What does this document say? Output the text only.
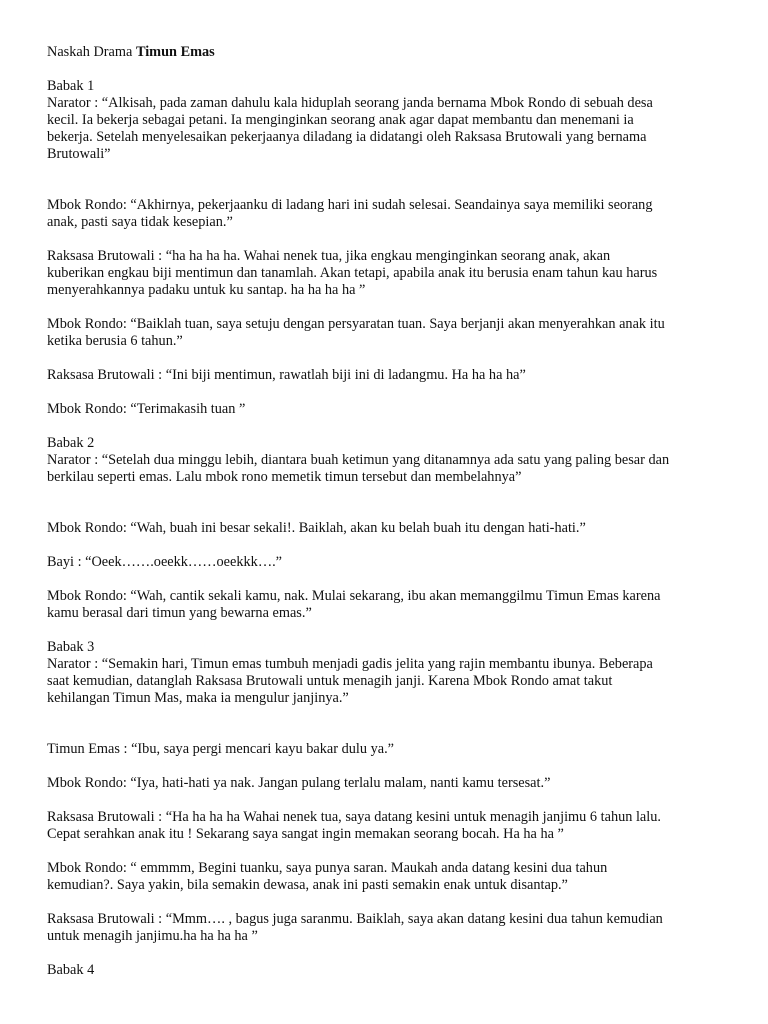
Naskah Drama Timun Emas

Babak 1
Narator : “Alkisah, pada zaman dahulu kala hiduplah seorang janda bernama Mbok Rondo di sebuah desa
kecil. Ia bekerja sebagai petani. Ia menginginkan seorang anak agar dapat membantu dan menemani ia
bekerja. Setelah menyelesaikan pekerjaanya diladang ia didatangi oleh Raksasa Brutowali yang bernama
Brutowali”
Mbok Rondo: “Akhirnya, pekerjaanku di ladang hari ini sudah selesai. Seandainya saya memiliki seorang
anak, pasti saya tidak kesepian.”
Raksasa Brutowali : “ha ha ha ha. Wahai nenek tua, jika engkau menginginkan seorang anak, akan
kuberikan engkau biji mentimun dan tanamlah. Akan tetapi, apabila anak itu berusia enam tahun kau harus
menyerahkannya padaku untuk ku santap. ha ha ha ha ”
Mbok Rondo: “Baiklah tuan, saya setuju dengan persyaratan tuan. Saya berjanji akan menyerahkan anak itu
ketika berusia 6 tahun.”
Raksasa Brutowali : “Ini biji mentimun, rawatlah biji ini di ladangmu. Ha ha ha ha”
Mbok Rondo: “Terimakasih tuan ”
Babak 2
Narator : “Setelah dua minggu lebih, diantara buah ketimun yang ditanamnya ada satu yang paling besar dan
berkilau seperti emas. Lalu mbok rono memetik timun tersebut dan membelahnya”
Mbok Rondo: “Wah, buah ini besar sekali!. Baiklah, akan ku belah buah itu dengan hati-hati.”
Bayi : “Oeek…….oeekk……oeekkk….”
Mbok Rondo: “Wah, cantik sekali kamu, nak. Mulai sekarang, ibu akan memanggilmu Timun Emas karena
kamu berasal dari timun yang bewarna emas.”
Babak 3
Narator : “Semakin hari, Timun emas tumbuh menjadi gadis jelita yang rajin membantu ibunya. Beberapa
saat kemudian, datanglah Raksasa Brutowali untuk menagih janji. Karena Mbok Rondo amat takut
kehilangan Timun Mas, maka ia mengulur janjinya.”
Timun Emas : “Ibu, saya pergi mencari kayu bakar dulu ya.”
Mbok Rondo: “Iya, hati-hati ya nak. Jangan pulang terlalu malam, nanti kamu tersesat.”
Raksasa Brutowali : “Ha ha ha ha Wahai nenek tua, saya datang kesini untuk menagih janjimu 6 tahun lalu.
Cepat serahkan anak itu ! Sekarang saya sangat ingin memakan seorang bocah. Ha ha ha ”
Mbok Rondo: “ emmmm, Begini tuanku, saya punya saran. Maukah anda datang kesini dua tahun
kemudian?. Saya yakin, bila semakin dewasa, anak ini pasti semakin enak untuk disantap.”
Raksasa Brutowali : “Mmm…. , bagus juga saranmu. Baiklah, saya akan datang kesini dua tahun kemudian
untuk menagih janjimu.ha ha ha ha ”
Babak 4
